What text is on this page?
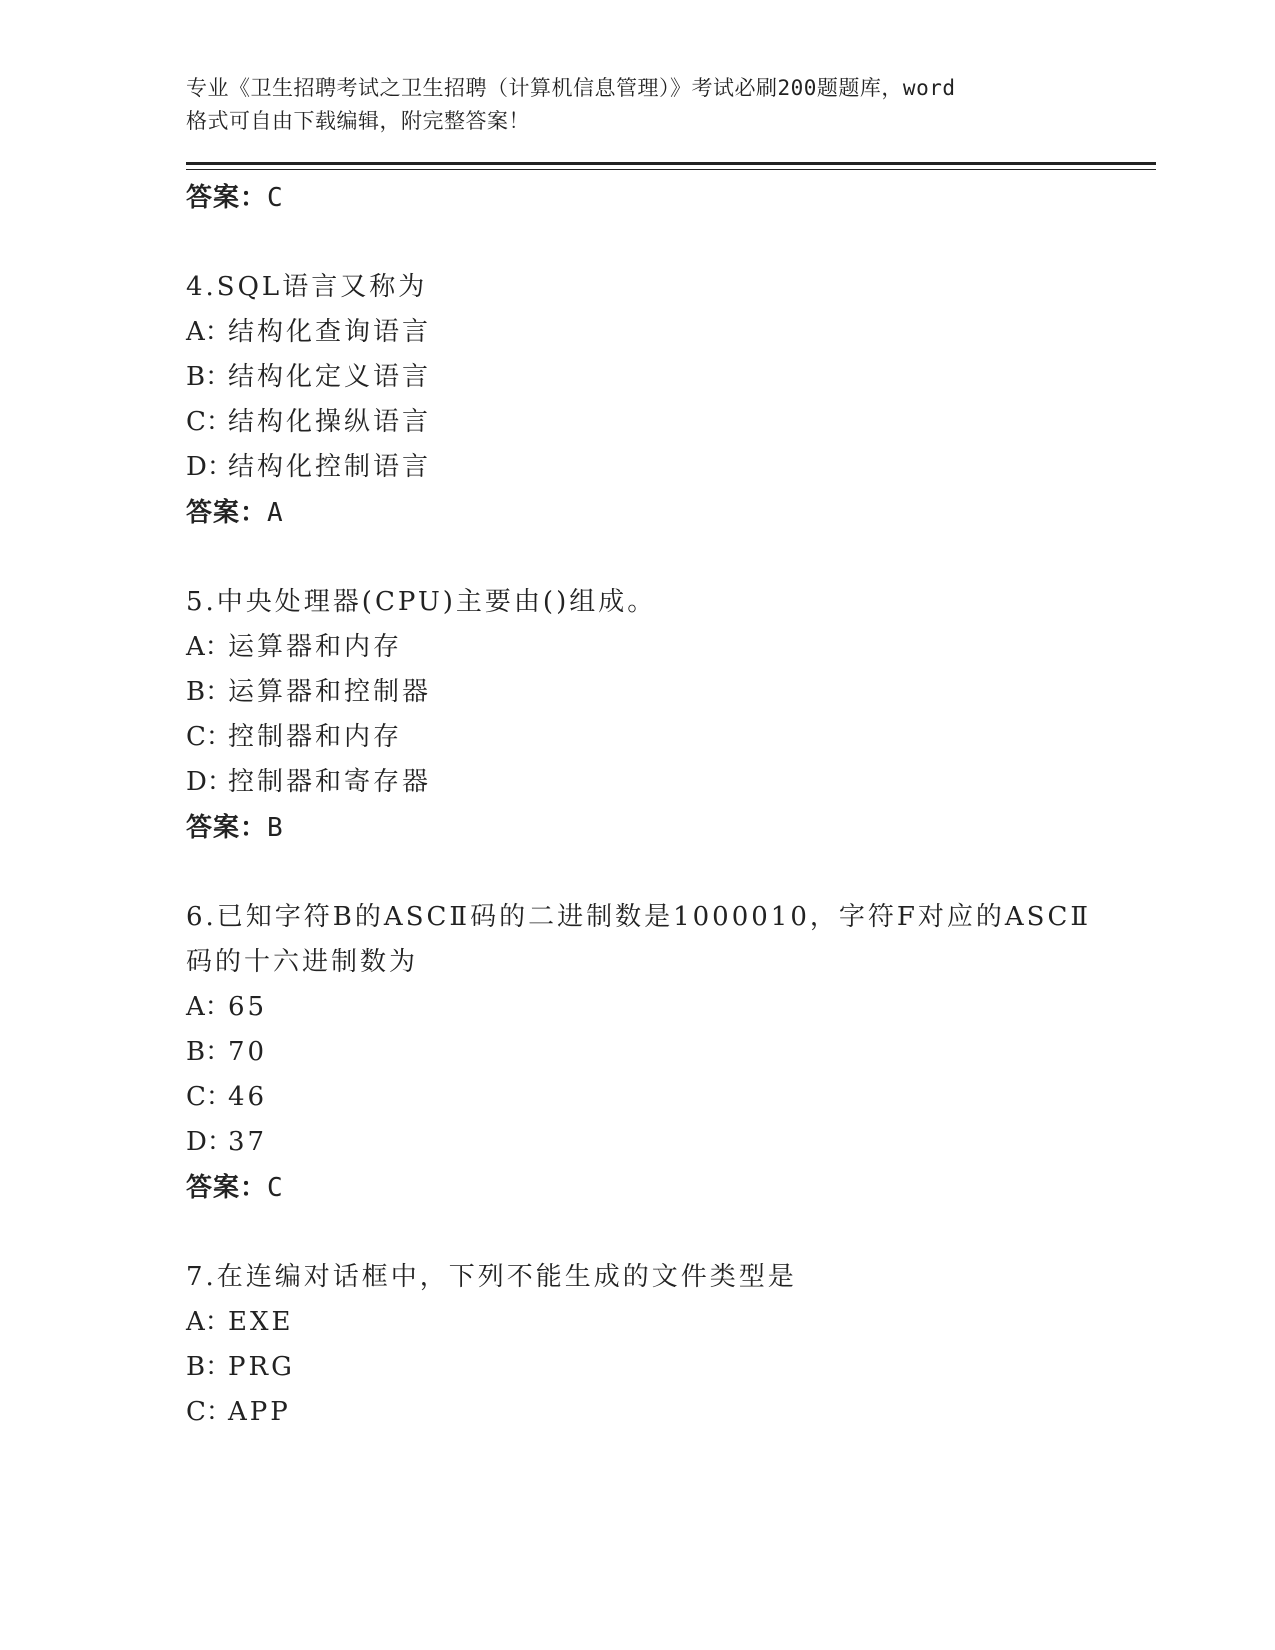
专业《卫生招聘考试之卫生招聘（计算机信息管理）》考试必刷200题题库，word
格式可自由下载编辑，附完整答案！
答案：C
4.SQL语言又称为
A：结构化查询语言
B：结构化定义语言
C：结构化操纵语言
D：结构化控制语言
答案：A
5.中央处理器(CPU)主要由()组成。
A：运算器和内存
B：运算器和控制器
C：控制器和内存
D：控制器和寄存器
答案：B
6.已知字符B的ASCⅡ码的二进制数是1000010，字符F对应的ASCⅡ
码的十六进制数为
A：65
B：70
C：46
D：37
答案：C
7.在连编对话框中，下列不能生成的文件类型是
A：EXE
B：PRG
C：APP
